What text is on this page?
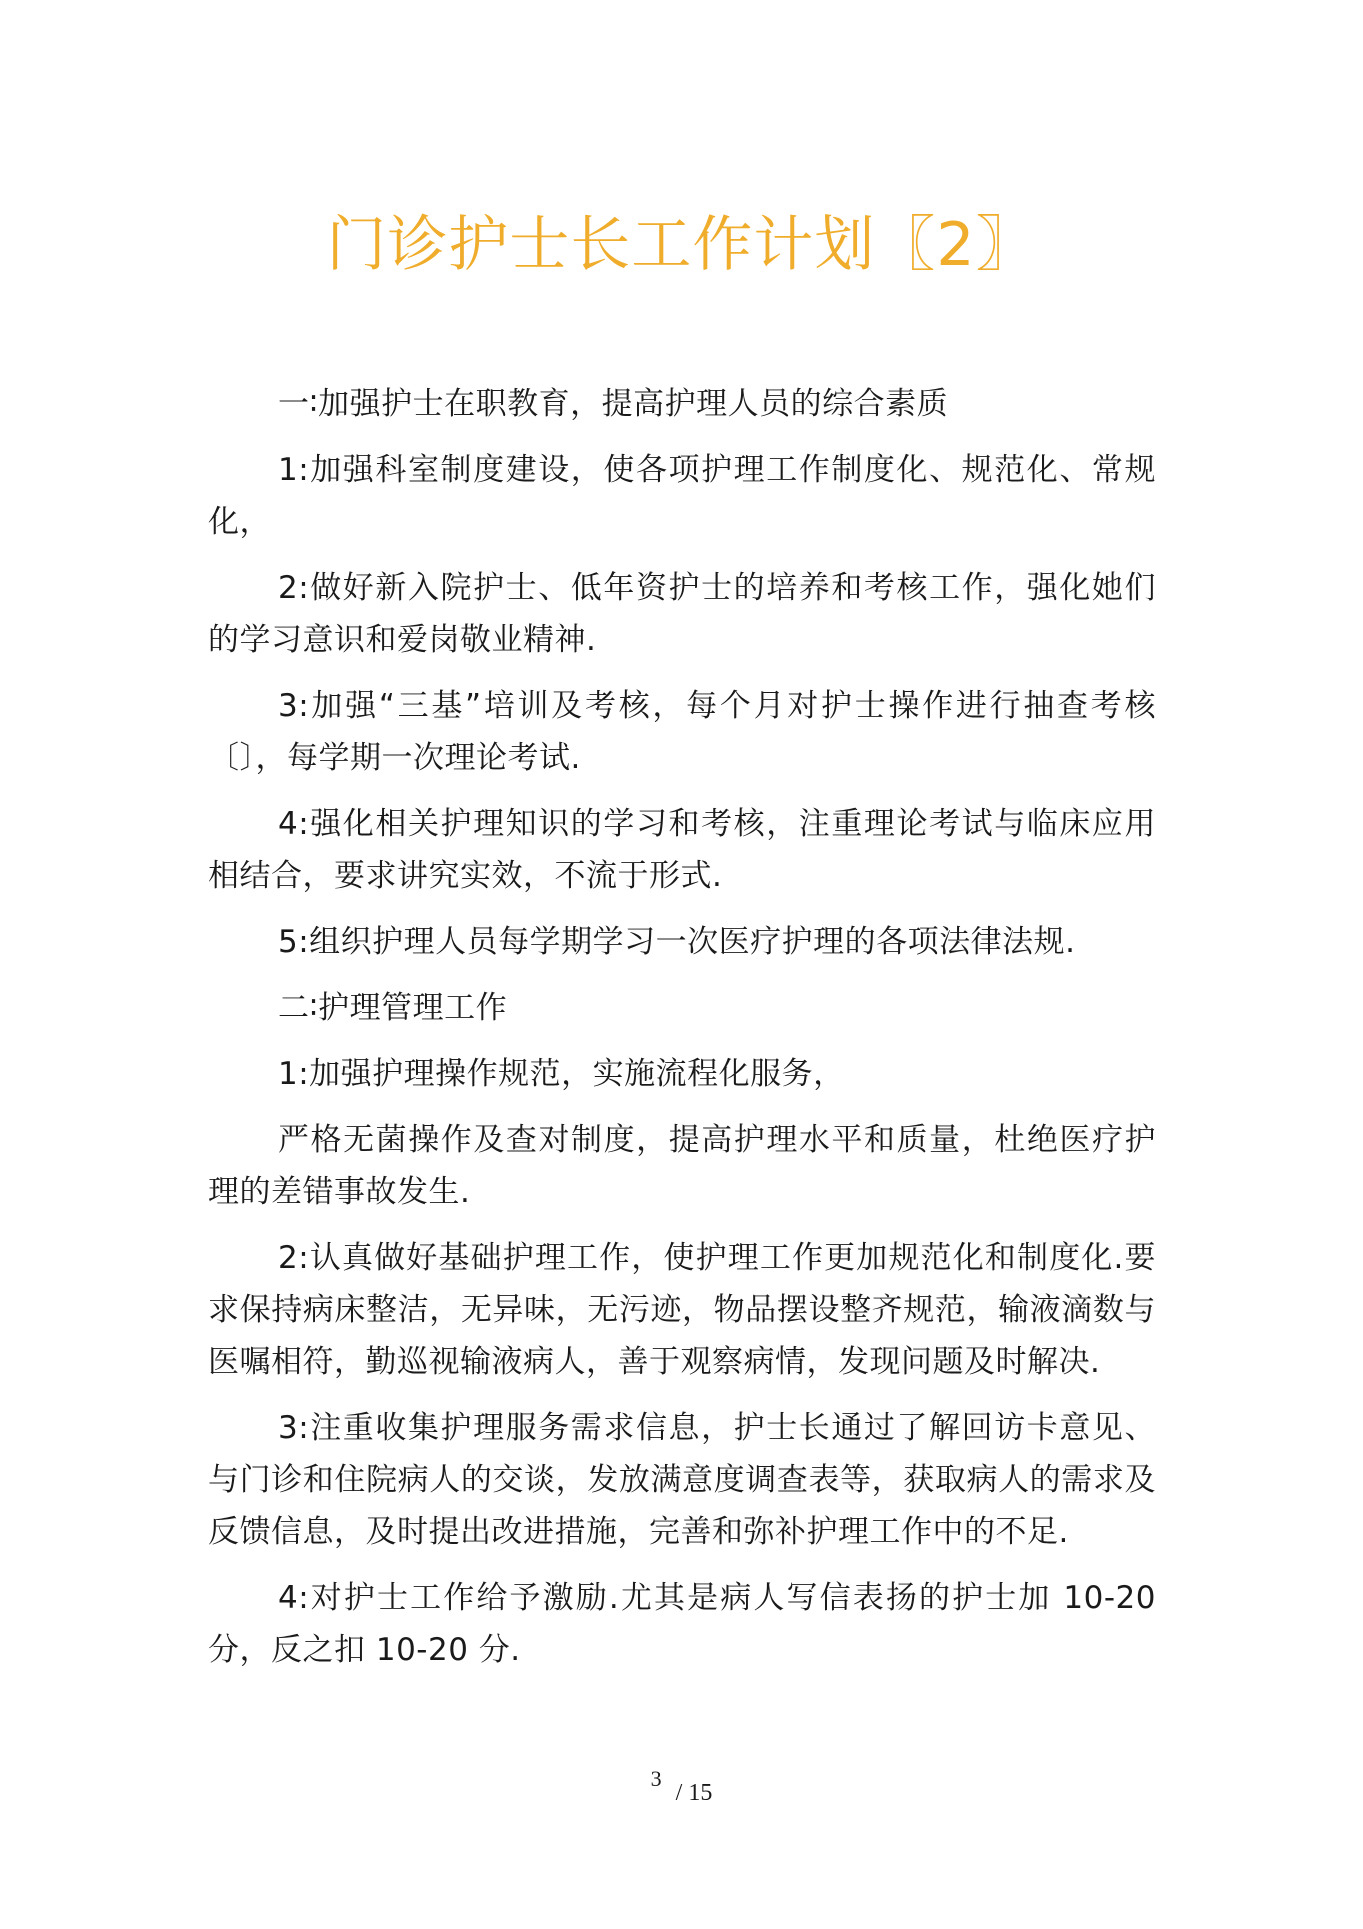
门诊护士长工作计划〖2〗

一∶加强护士在职教育，提高护理人员的综合素质

1:加强科室制度建设，使各项护理工作制度化、规范化、常规化，

2:做好新入院护士、低年资护士的培养和考核工作，强化她们的学习意识和爱岗敬业精神.

3:加强“三基”培训及考核，每个月对护士操作进行抽查考核〔〕，每学期一次理论考试.

4:强化相关护理知识的学习和考核，注重理论考试与临床应用相结合，要求讲究实效，不流于形式.

5:组织护理人员每学期学习一次医疗护理的各项法律法规.

二∶护理管理工作

1:加强护理操作规范，实施流程化服务，

严格无菌操作及查对制度，提高护理水平和质量，杜绝医疗护理的差错事故发生.

2:认真做好基础护理工作，使护理工作更加规范化和制度化.要求保持病床整洁，无异味，无污迹，物品摆设整齐规范，输液滴数与医嘱相符，勤巡视输液病人，善于观察病情，发现问题及时解决.

3:注重收集护理服务需求信息，护士长通过了解回访卡意见、与门诊和住院病人的交谈，发放满意度调查表等，获取病人的需求及反馈信息，及时提出改进措施，完善和弥补护理工作中的不足.

4:对护士工作给予激励.尤其是病人写信表扬的护士加 10-20 分，反之扣 10-20 分.

3/ 15
